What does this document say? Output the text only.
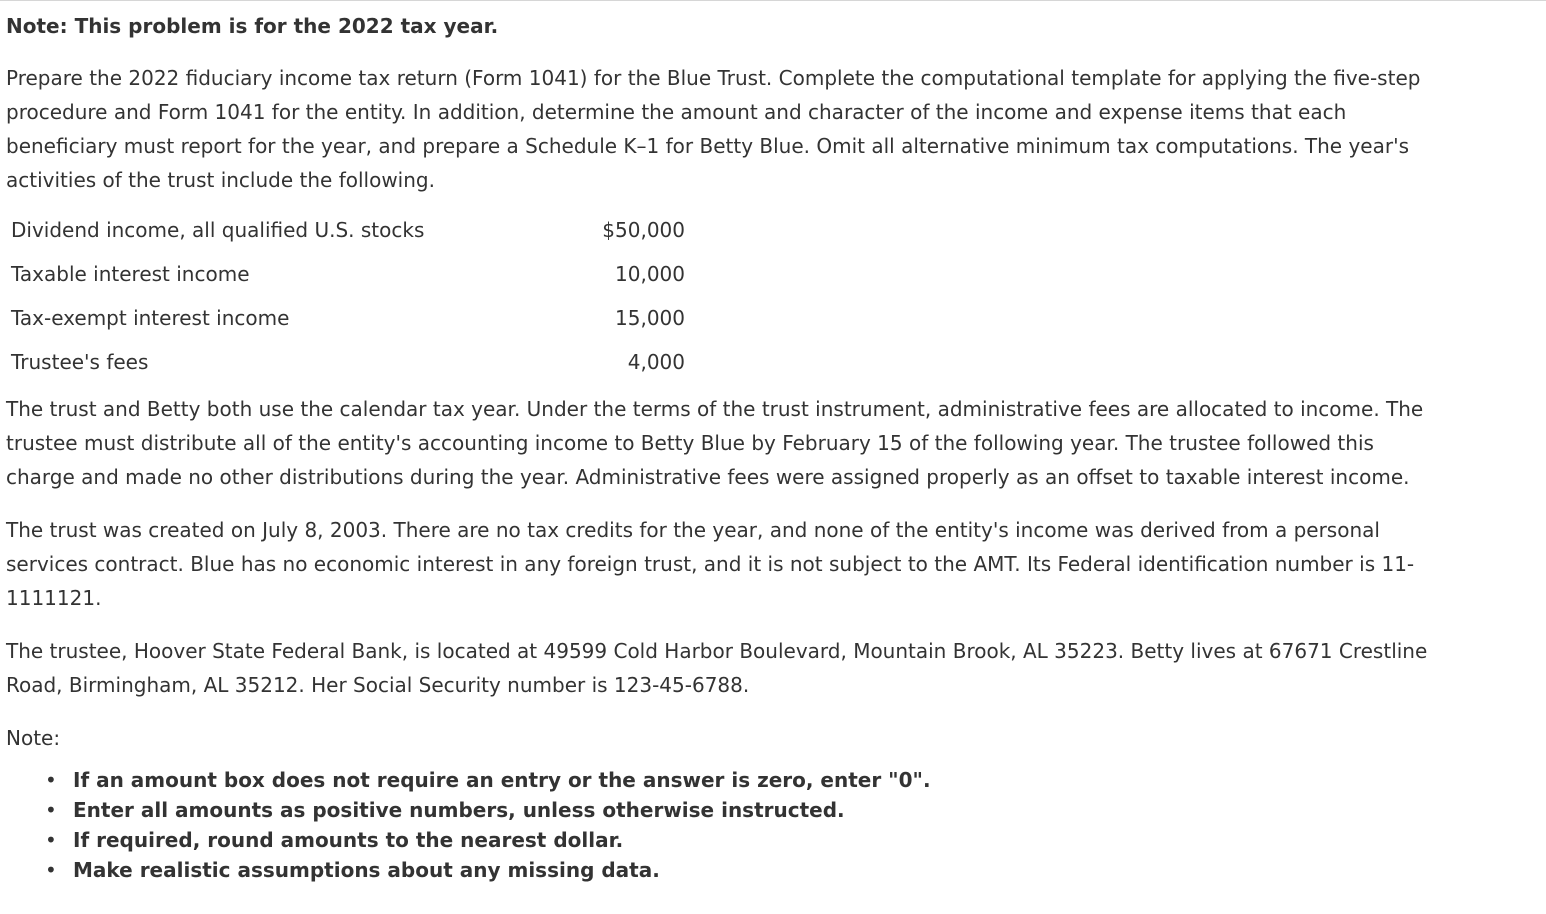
Note: This problem is for the 2022 tax year.

Prepare the 2022 fiduciary income tax return (Form 1041) for the Blue Trust. Complete the computational template for applying the five-step
procedure and Form 1041 for the entity. In addition, determine the amount and character of the income and expense items that each
beneficiary must report for the year, and prepare a Schedule K–1 for Betty Blue. Omit all alternative minimum tax computations. The year's
activities of the trust include the following.

Dividend income, all qualified U.S. stocks	$50,000
Taxable interest income	10,000
Tax-exempt interest income	15,000
Trustee's fees	4,000

The trust and Betty both use the calendar tax year. Under the terms of the trust instrument, administrative fees are allocated to income. The
trustee must distribute all of the entity's accounting income to Betty Blue by February 15 of the following year. The trustee followed this
charge and made no other distributions during the year. Administrative fees were assigned properly as an offset to taxable interest income.

The trust was created on July 8, 2003. There are no tax credits for the year, and none of the entity's income was derived from a personal
services contract. Blue has no economic interest in any foreign trust, and it is not subject to the AMT. Its Federal identification number is 11-
1111121.

The trustee, Hoover State Federal Bank, is located at 49599 Cold Harbor Boulevard, Mountain Brook, AL 35223. Betty lives at 67671 Crestline
Road, Birmingham, AL 35212. Her Social Security number is 123-45-6788.

Note:
• If an amount box does not require an entry or the answer is zero, enter "0".
• Enter all amounts as positive numbers, unless otherwise instructed.
• If required, round amounts to the nearest dollar.
• Make realistic assumptions about any missing data.
